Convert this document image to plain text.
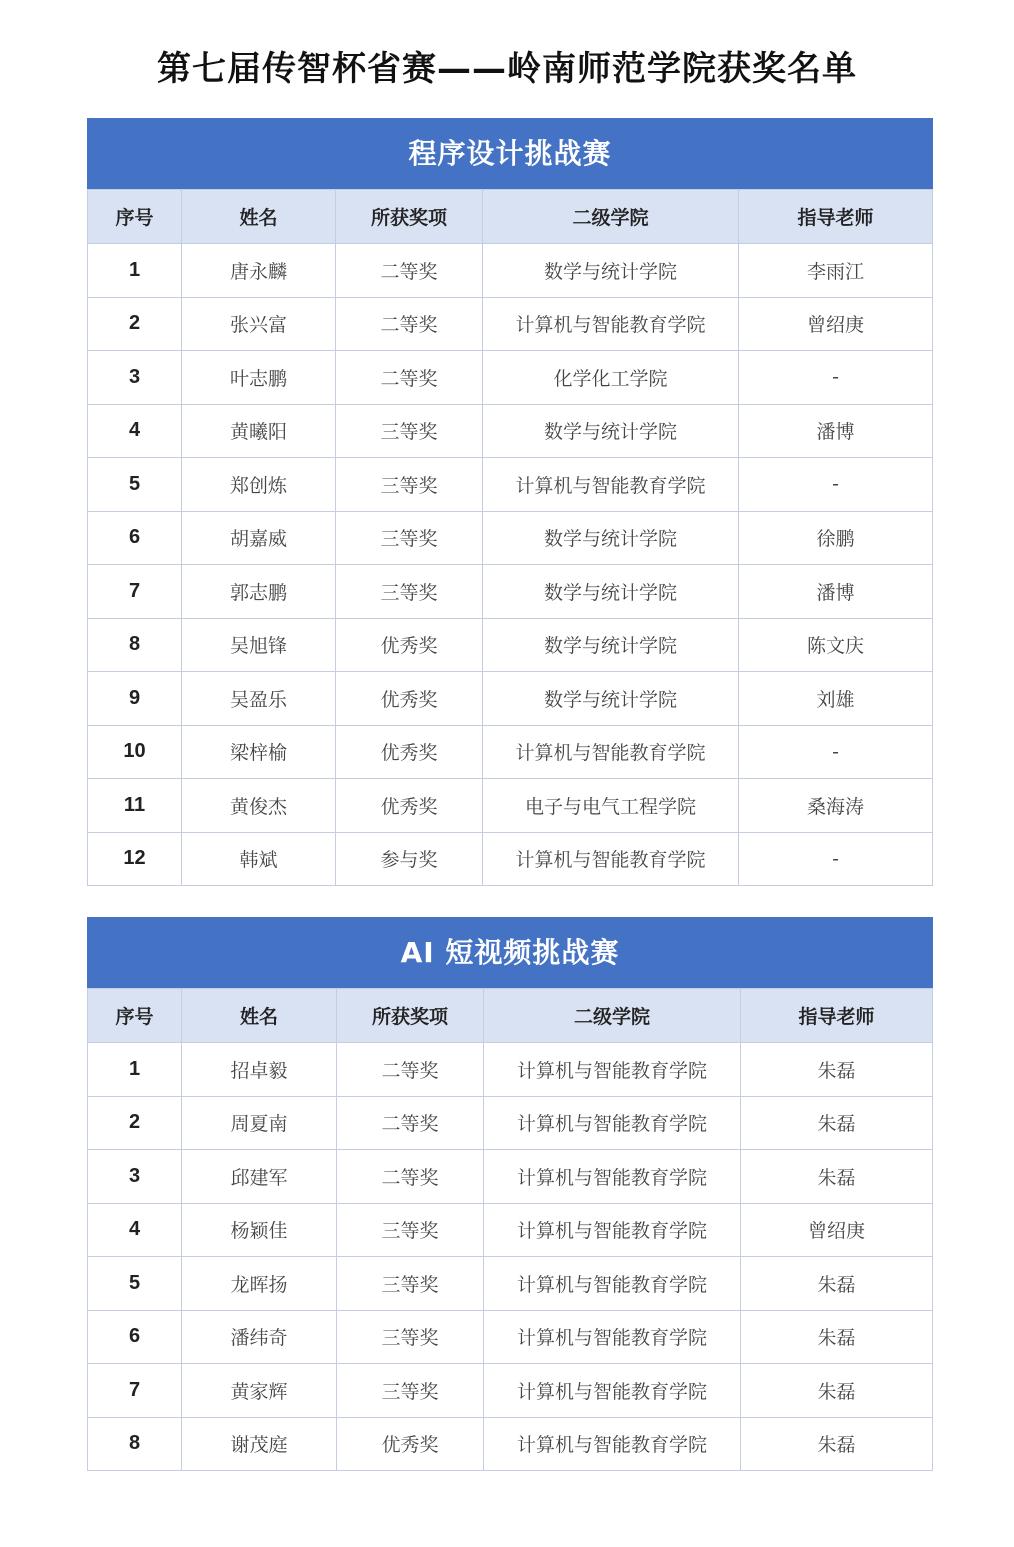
第七届传智杯省赛——岭南师范学院获奖名单
程序设计挑战赛
序号	姓名	所获奖项	二级学院	指导老师
1	唐永麟	二等奖	数学与统计学院	李雨江
2	张兴富	二等奖	计算机与智能教育学院	曾绍庚
3	叶志鹏	二等奖	化学化工学院	-
4	黄曦阳	三等奖	数学与统计学院	潘博
5	郑创炼	三等奖	计算机与智能教育学院	-
6	胡嘉威	三等奖	数学与统计学院	徐鹏
7	郭志鹏	三等奖	数学与统计学院	潘博
8	吴旭锋	优秀奖	数学与统计学院	陈文庆
9	吴盈乐	优秀奖	数学与统计学院	刘雄
10	梁梓榆	优秀奖	计算机与智能教育学院	-
11	黄俊杰	优秀奖	电子与电气工程学院	桑海涛
12	韩斌	参与奖	计算机与智能教育学院	-
AI 短视频挑战赛
序号	姓名	所获奖项	二级学院	指导老师
1	招卓毅	二等奖	计算机与智能教育学院	朱磊
2	周夏南	二等奖	计算机与智能教育学院	朱磊
3	邱建军	二等奖	计算机与智能教育学院	朱磊
4	杨颖佳	三等奖	计算机与智能教育学院	曾绍庚
5	龙晖扬	三等奖	计算机与智能教育学院	朱磊
6	潘纬奇	三等奖	计算机与智能教育学院	朱磊
7	黄家辉	三等奖	计算机与智能教育学院	朱磊
8	谢茂庭	优秀奖	计算机与智能教育学院	朱磊
